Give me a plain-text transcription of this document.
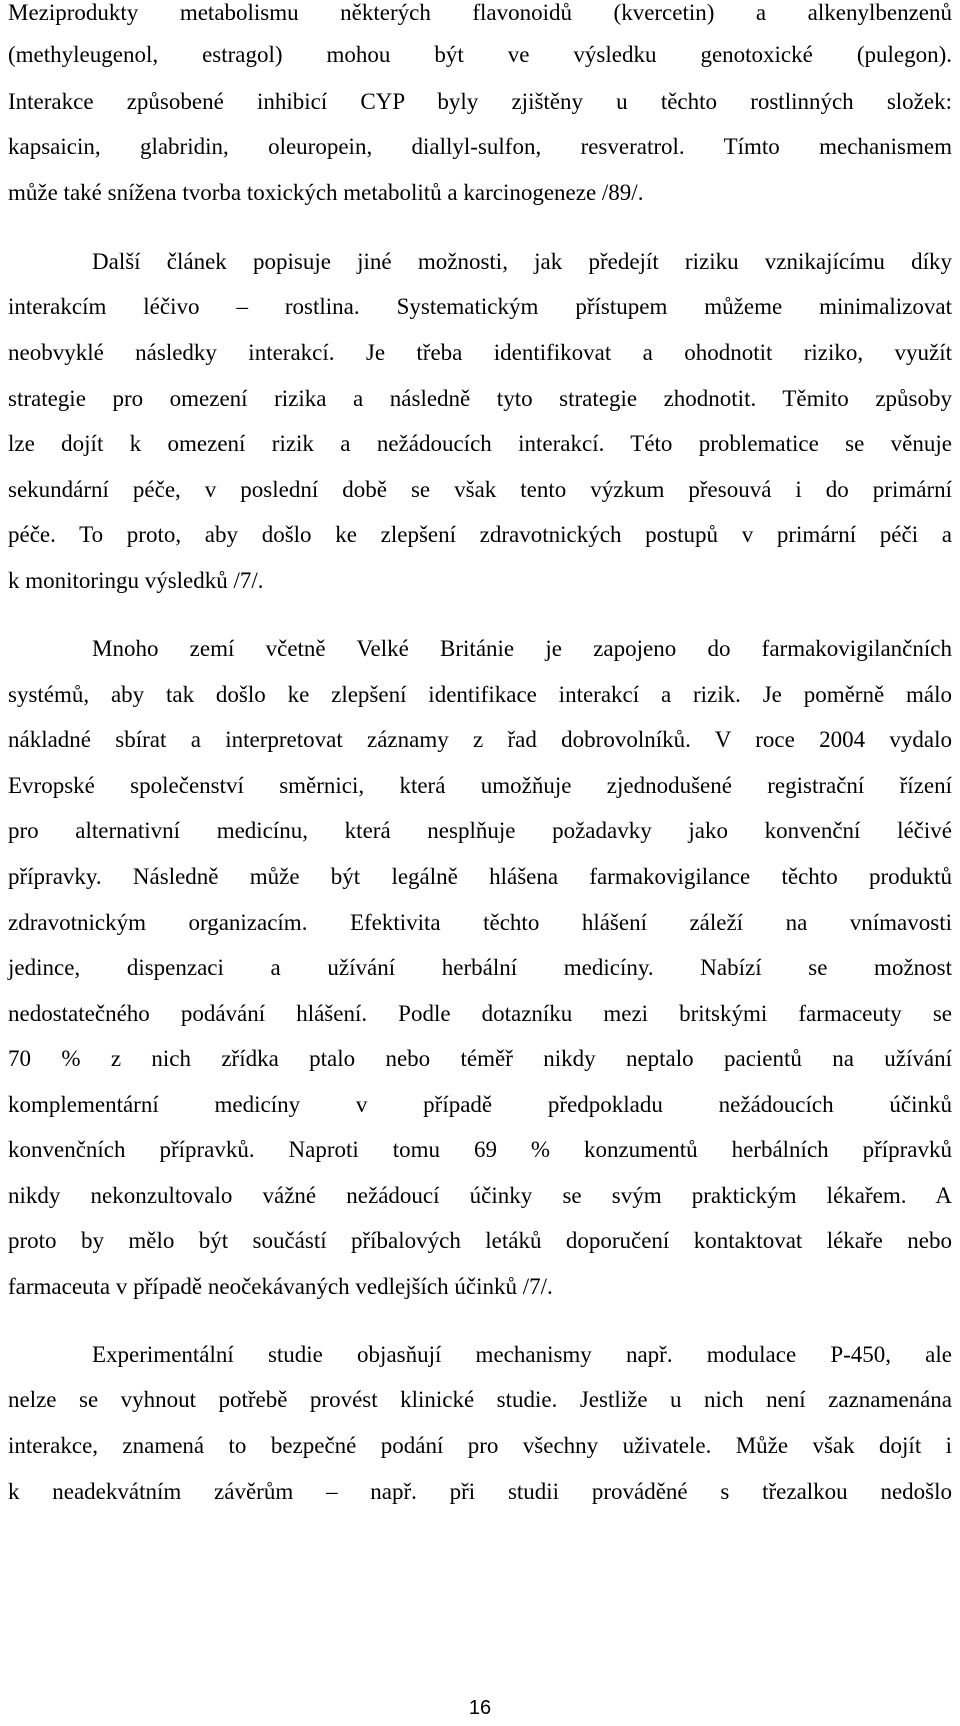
Meziprodukty metabolismu některých flavonoidů (kvercetin) a alkenylbenzenů
(methyleugenol, estragol) mohou být ve výsledku genotoxické (pulegon).
Interakce způsobené inhibicí CYP byly zjištěny u těchto rostlinných složek:
kapsaicin, glabridin, oleuropein, diallyl-sulfon, resveratrol. Tímto mechanismem
může také snížena tvorba toxických metabolitů a karcinogeneze /89/.
Další článek popisuje jiné možnosti, jak předejít riziku vznikajícímu díky
interakcím léčivo – rostlina. Systematickým přístupem můžeme minimalizovat
neobvyklé následky interakcí. Je třeba identifikovat a ohodnotit riziko, využít
strategie pro omezení rizika a následně tyto strategie zhodnotit. Těmito způsoby
lze dojít k omezení rizik a nežádoucích interakcí. Této problematice se věnuje
sekundární péče, v poslední době se však tento výzkum přesouvá i do primární
péče. To proto, aby došlo ke zlepšení zdravotnických postupů v primární péči a
k monitoringu výsledků /7/.
Mnoho zemí včetně Velké Británie je zapojeno do farmakovigilančních
systémů, aby tak došlo ke zlepšení identifikace interakcí a rizik. Je poměrně málo
nákladné sbírat a interpretovat záznamy z řad dobrovolníků. V roce 2004 vydalo
Evropské společenství směrnici, která umožňuje zjednodušené registrační řízení
pro alternativní medicínu, která nesplňuje požadavky jako konvenční léčivé
přípravky. Následně může být legálně hlášena farmakovigilance těchto produktů
zdravotnickým organizacím. Efektivita těchto hlášení záleží na vnímavosti
jedince, dispenzaci a užívání herbální medicíny. Nabízí se možnost
nedostatečného podávání hlášení. Podle dotazníku mezi britskými farmaceuty se
70 % z nich zřídka ptalo nebo téměř nikdy neptalo pacientů na užívání
komplementární medicíny v případě předpokladu nežádoucích účinků
konvenčních přípravků. Naproti tomu 69 % konzumentů herbálních přípravků
nikdy nekonzultovalo vážné nežádoucí účinky se svým praktickým lékařem. A
proto by mělo být součástí příbalových letáků doporučení kontaktovat lékaře nebo
farmaceuta v případě neočekávaných vedlejších účinků /7/.
Experimentální studie objasňují mechanismy např. modulace P-450, ale
nelze se vyhnout potřebě provést klinické studie. Jestliže u nich není zaznamenána
interakce, znamená to bezpečné podání pro všechny uživatele. Může však dojít i
k neadekvátním závěrům – např. při studii prováděné s třezalkou nedošlo
16
